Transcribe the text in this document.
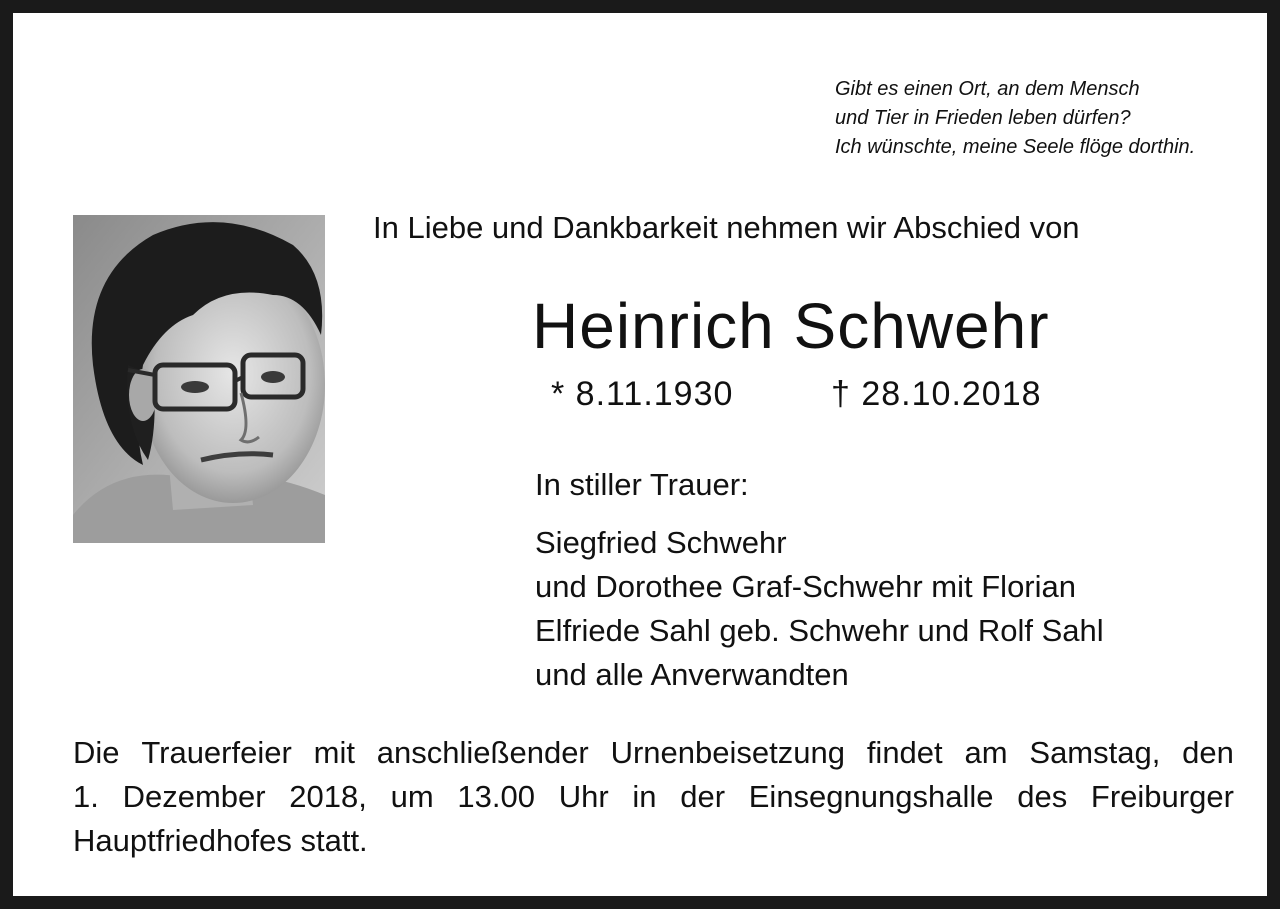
Gibt es einen Ort, an dem Mensch
und Tier in Frieden leben dürfen?
Ich wünschte, meine Seele flöge dorthin.
In Liebe und Dankbarkeit nehmen wir Abschied von
Heinrich Schwehr
* 8.11.1930	† 28.10.2018
In stiller Trauer:
Siegfried Schwehr
und Dorothee Graf-Schwehr mit Florian
Elfriede Sahl geb. Schwehr und Rolf Sahl
und alle Anverwandten
Die Trauerfeier mit anschließender Urnenbeisetzung findet am Samstag, den
1. Dezember 2018, um 13.00 Uhr in der Einsegnungshalle des Freiburger
Hauptfriedhofes statt.
